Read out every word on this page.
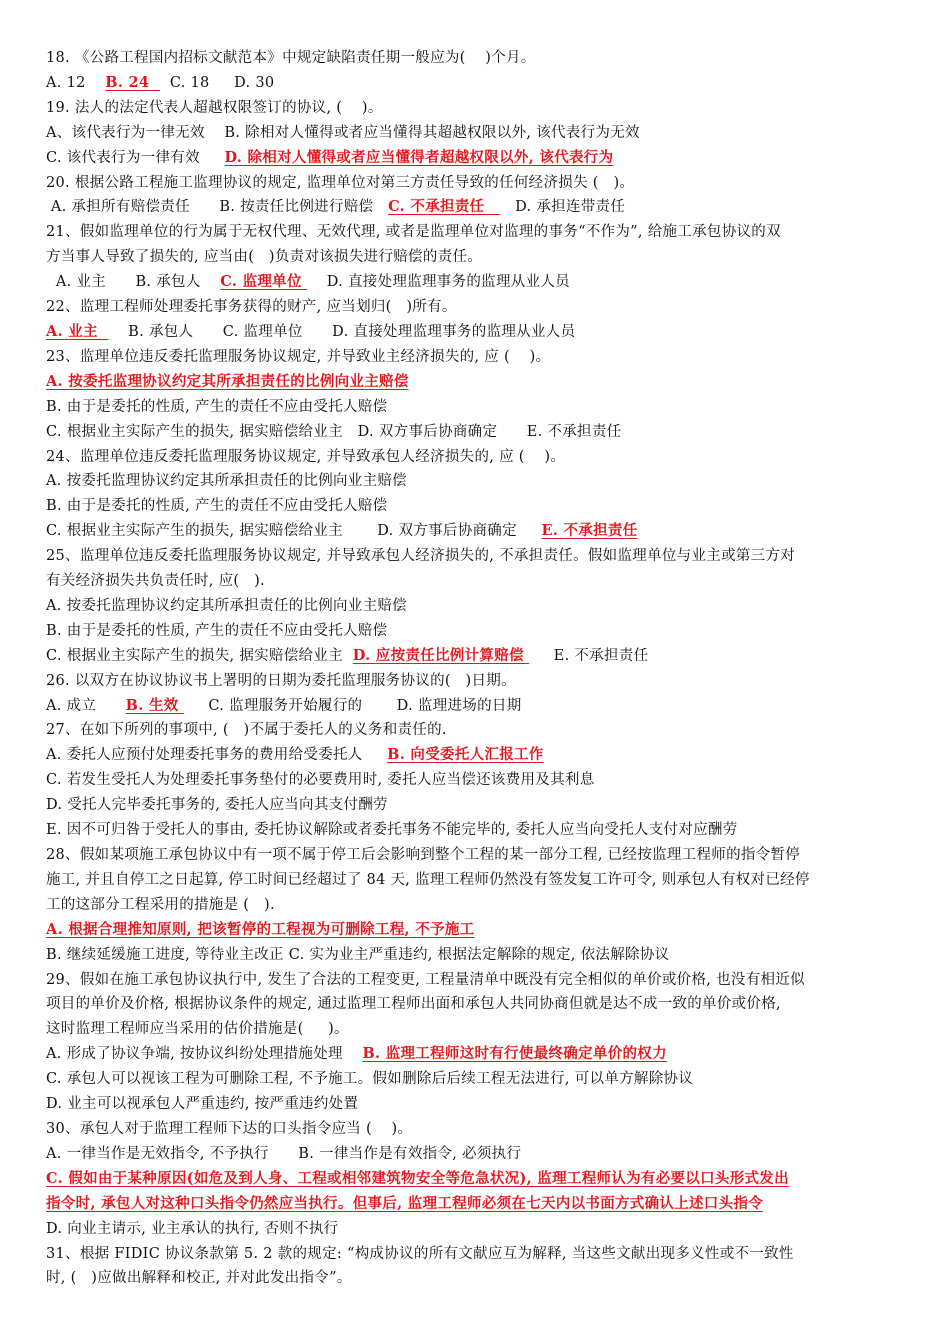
18. 《公路工程国内招标文献范本》中规定缺陷责任期一般应为(    )个月。
A. 12    B. 24    C. 18     D. 30
19. 法人的法定代表人超越权限签订的协议, (    )。
A、该代表行为一律无效    B. 除相对人懂得或者应当懂得其超越权限以外, 该代表行为无效
C. 该代表行为一律有效     D. 除相对人懂得或者应当懂得者超越权限以外, 该代表行为
20. 根据公路工程施工监理协议的规定, 监理单位对第三方责任导致的任何经济损失 (   )。
A. 承担所有赔偿责任      B. 按责任比例进行赔偿   C. 不承担责任      D. 承担连带责任
21、假如监理单位的行为属于无权代理、无效代理, 或者是监理单位对监理的事务“不作为”, 给施工承包协议的双
方当事人导致了损失的, 应当由(   )负责对该损失进行赔偿的责任。
A. 业主      B. 承包人    C. 监理单位     D. 直接处理监理事务的监理从业人员
22、监理工程师处理委托事务获得的财产, 应当划归(   )所有。
A. 业主      B. 承包人      C. 监理单位      D. 直接处理监理事务的监理从业人员
23、监理单位违反委托监理服务协议规定, 并导致业主经济损失的, 应 (    )。
A. 按委托监理协议约定其所承担责任的比例向业主赔偿
B. 由于是委托的性质, 产生的责任不应由受托人赔偿
C. 根据业主实际产生的损失, 据实赔偿给业主   D. 双方事后协商确定      E. 不承担责任
24、监理单位违反委托监理服务协议规定, 并导致承包人经济损失的, 应 (    )。
A. 按委托监理协议约定其所承担责任的比例向业主赔偿
B. 由于是委托的性质, 产生的责任不应由受托人赔偿
C. 根据业主实际产生的损失, 据实赔偿给业主       D. 双方事后协商确定     E. 不承担责任
25、监理单位违反委托监理服务协议规定, 并导致承包人经济损失的, 不承担责任。假如监理单位与业主或第三方对
有关经济损失共负责任时, 应(   ).
A. 按委托监理协议约定其所承担责任的比例向业主赔偿
B. 由于是委托的性质, 产生的责任不应由受托人赔偿
C. 根据业主实际产生的损失, 据实赔偿给业主  D. 应按责任比例计算赔偿      E. 不承担责任
26. 以双方在协议协议书上署明的日期为委托监理服务协议的(   )日期。
A. 成立      B. 生效      C. 监理服务开始履行的       D. 监理进场的日期
27、在如下所列的事项中, (   )不属于委托人的义务和责任的.
A. 委托人应预付处理委托事务的费用给受委托人     B. 向受委托人汇报工作
C. 若发生受托人为处理委托事务垫付的必要费用时, 委托人应当偿还该费用及其利息
D. 受托人完毕委托事务的, 委托人应当向其支付酬劳
E. 因不可归咎于受托人的事由, 委托协议解除或者委托事务不能完毕的, 委托人应当向受托人支付对应酬劳
28、假如某项施工承包协议中有一项不属于停工后会影响到整个工程的某一部分工程, 已经按监理工程师的指令暂停
施工, 并且自停工之日起算, 停工时间已经超过了 84 天, 监理工程师仍然没有签发复工许可令, 则承包人有权对已经停
工的这部分工程采用的措施是 (   ).
A. 根据合理推知原则, 把该暂停的工程视为可删除工程, 不予施工
B. 继续延缓施工进度, 等待业主改正 C. 实为业主严重违约, 根据法定解除的规定, 依法解除协议
29、假如在施工承包协议执行中, 发生了合法的工程变更, 工程量清单中既没有完全相似的单价或价格, 也没有相近似
项目的单价及价格, 根据协议条件的规定, 通过监理工程师出面和承包人共同协商但就是达不成一致的单价或价格,
这时监理工程师应当采用的估价措施是(     )。
A. 形成了协议争端, 按协议纠纷处理措施处理    B. 监理工程师这时有行使最终确定单价的权力
C. 承包人可以视该工程为可删除工程, 不予施工。假如删除后后续工程无法进行, 可以单方解除协议
D. 业主可以视承包人严重违约, 按严重违约处置
30、承包人对于监理工程师下达的口头指令应当 (    )。
A. 一律当作是无效指令, 不予执行      B. 一律当作是有效指令, 必须执行
C. 假如由于某种原因(如危及到人身、工程或相邻建筑物安全等危急状况), 监理工程师认为有必要以口头形式发出
指令时, 承包人对这种口头指令仍然应当执行。但事后, 监理工程师必须在七天内以书面方式确认上述口头指令
D. 向业主请示, 业主承认的执行, 否则不执行
31、根据 FIDIC 协议条款第 5. 2 款的规定: “构成协议的所有文献应互为解释, 当这些文献出现多义性或不一致性
时, (   )应做出解释和校正, 并对此发出指令”。
